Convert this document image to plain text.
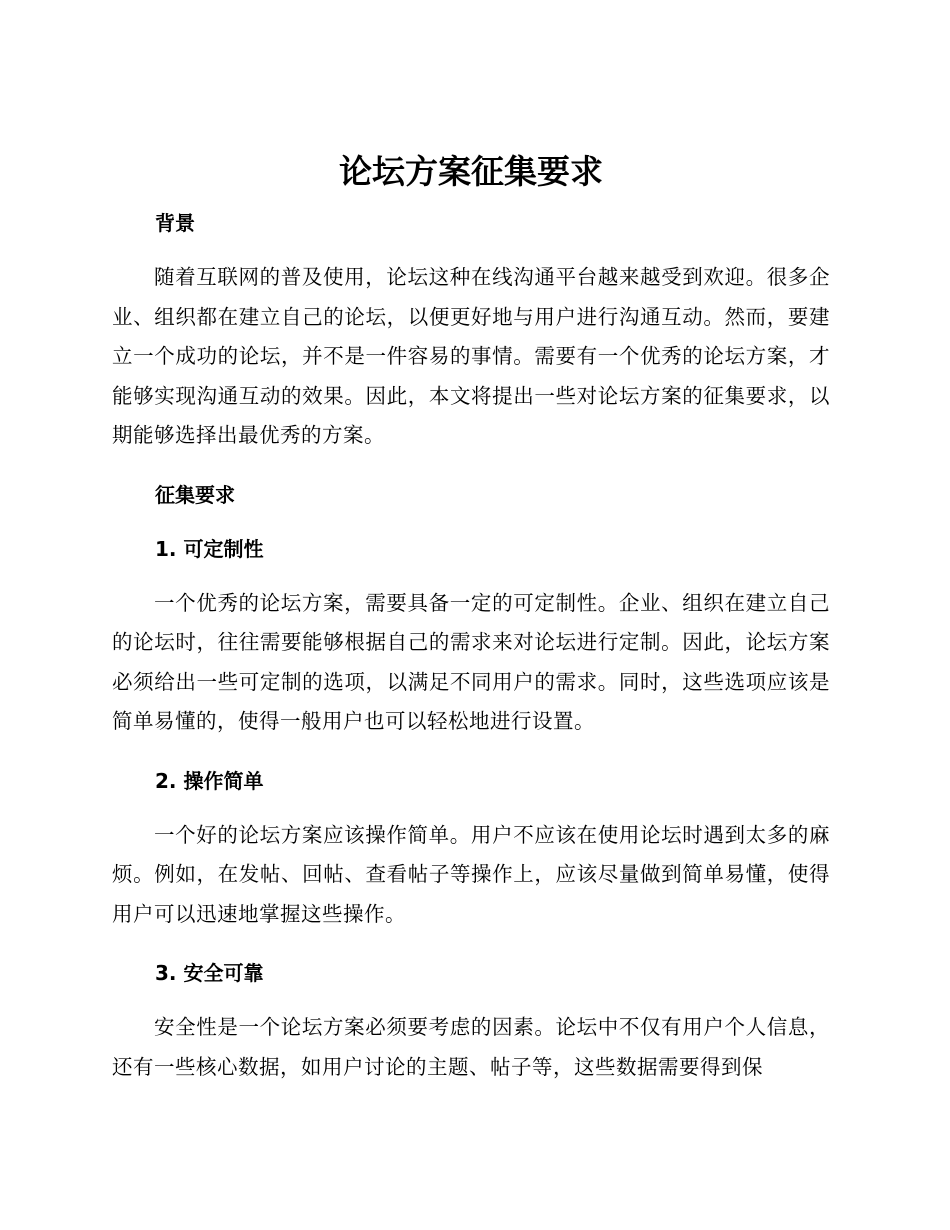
论坛方案征集要求
背景

随着互联网的普及使用，论坛这种在线沟通平台越来越受到欢迎。很多企业、组织都在建立自己的论坛，以便更好地与用户进行沟通互动。然而，要建立一个成功的论坛，并不是一件容易的事情。需要有一个优秀的论坛方案，才能够实现沟通互动的效果。因此，本文将提出一些对论坛方案的征集要求，以期能够选择出最优秀的方案。

征集要求
1. 可定制性

一个优秀的论坛方案，需要具备一定的可定制性。企业、组织在建立自己的论坛时，往往需要能够根据自己的需求来对论坛进行定制。因此，论坛方案必须给出一些可定制的选项，以满足不同用户的需求。同时，这些选项应该是简单易懂的，使得一般用户也可以轻松地进行设置。

2. 操作简单

一个好的论坛方案应该操作简单。用户不应该在使用论坛时遇到太多的麻烦。例如，在发帖、回帖、查看帖子等操作上，应该尽量做到简单易懂，使得用户可以迅速地掌握这些操作。

3. 安全可靠

安全性是一个论坛方案必须要考虑的因素。论坛中不仅有用户个人信息，还有一些核心数据，如用户讨论的主题、帖子等，这些数据需要得到保
